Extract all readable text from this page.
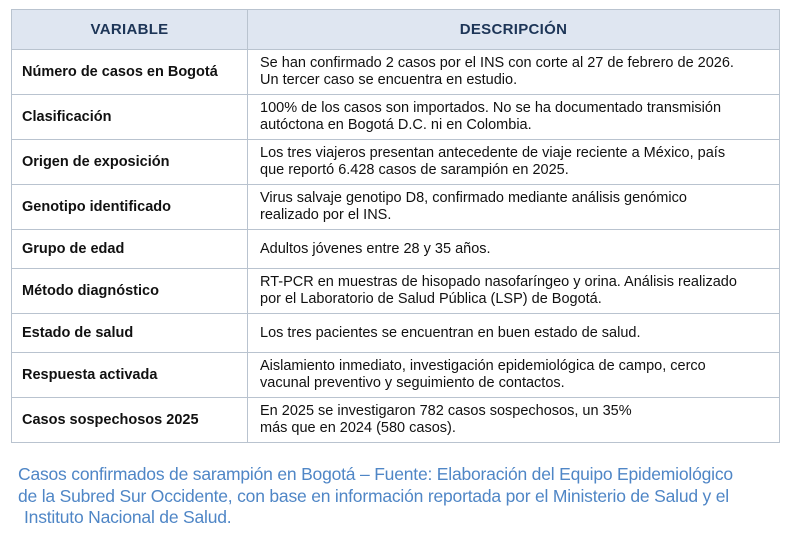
VARIABLE	DESCRIPCIÓN
Número de casos en Bogotá	Se han confirmado 2 casos por el INS con corte al 27 de febrero de 2026.
Un tercer caso se encuentra en estudio.

Clasificación	100% de los casos son importados. No se ha documentado transmisión
autóctona en Bogotá D.C. ni en Colombia.

Origen de exposición	Los tres viajeros presentan antecedente de viaje reciente a México, país
que reportó 6.428 casos de sarampión en 2025.

Genotipo identificado	Virus salvaje genotipo D8, confirmado mediante análisis genómico
realizado por el INS.

Grupo de edad	Adultos jóvenes entre 28 y 35 años.

Método diagnóstico	RT-PCR en muestras de hisopado nasofaríngeo y orina. Análisis realizado
por el Laboratorio de Salud Pública (LSP) de Bogotá.

Estado de salud	Los tres pacientes se encuentran en buen estado de salud.

Respuesta activada	Aislamiento inmediato, investigación epidemiológica de campo, cerco
vacunal preventivo y seguimiento de contactos.

Casos sospechosos 2025	En 2025 se investigaron 782 casos sospechosos, un 35%
más que en 2024 (580 casos).
Casos confirmados de sarampión en Bogotá – Fuente: Elaboración del Equipo Epidemiológico
de la Subred Sur Occidente, con base en información reportada por el Ministerio de Salud y el
Instituto Nacional de Salud.
